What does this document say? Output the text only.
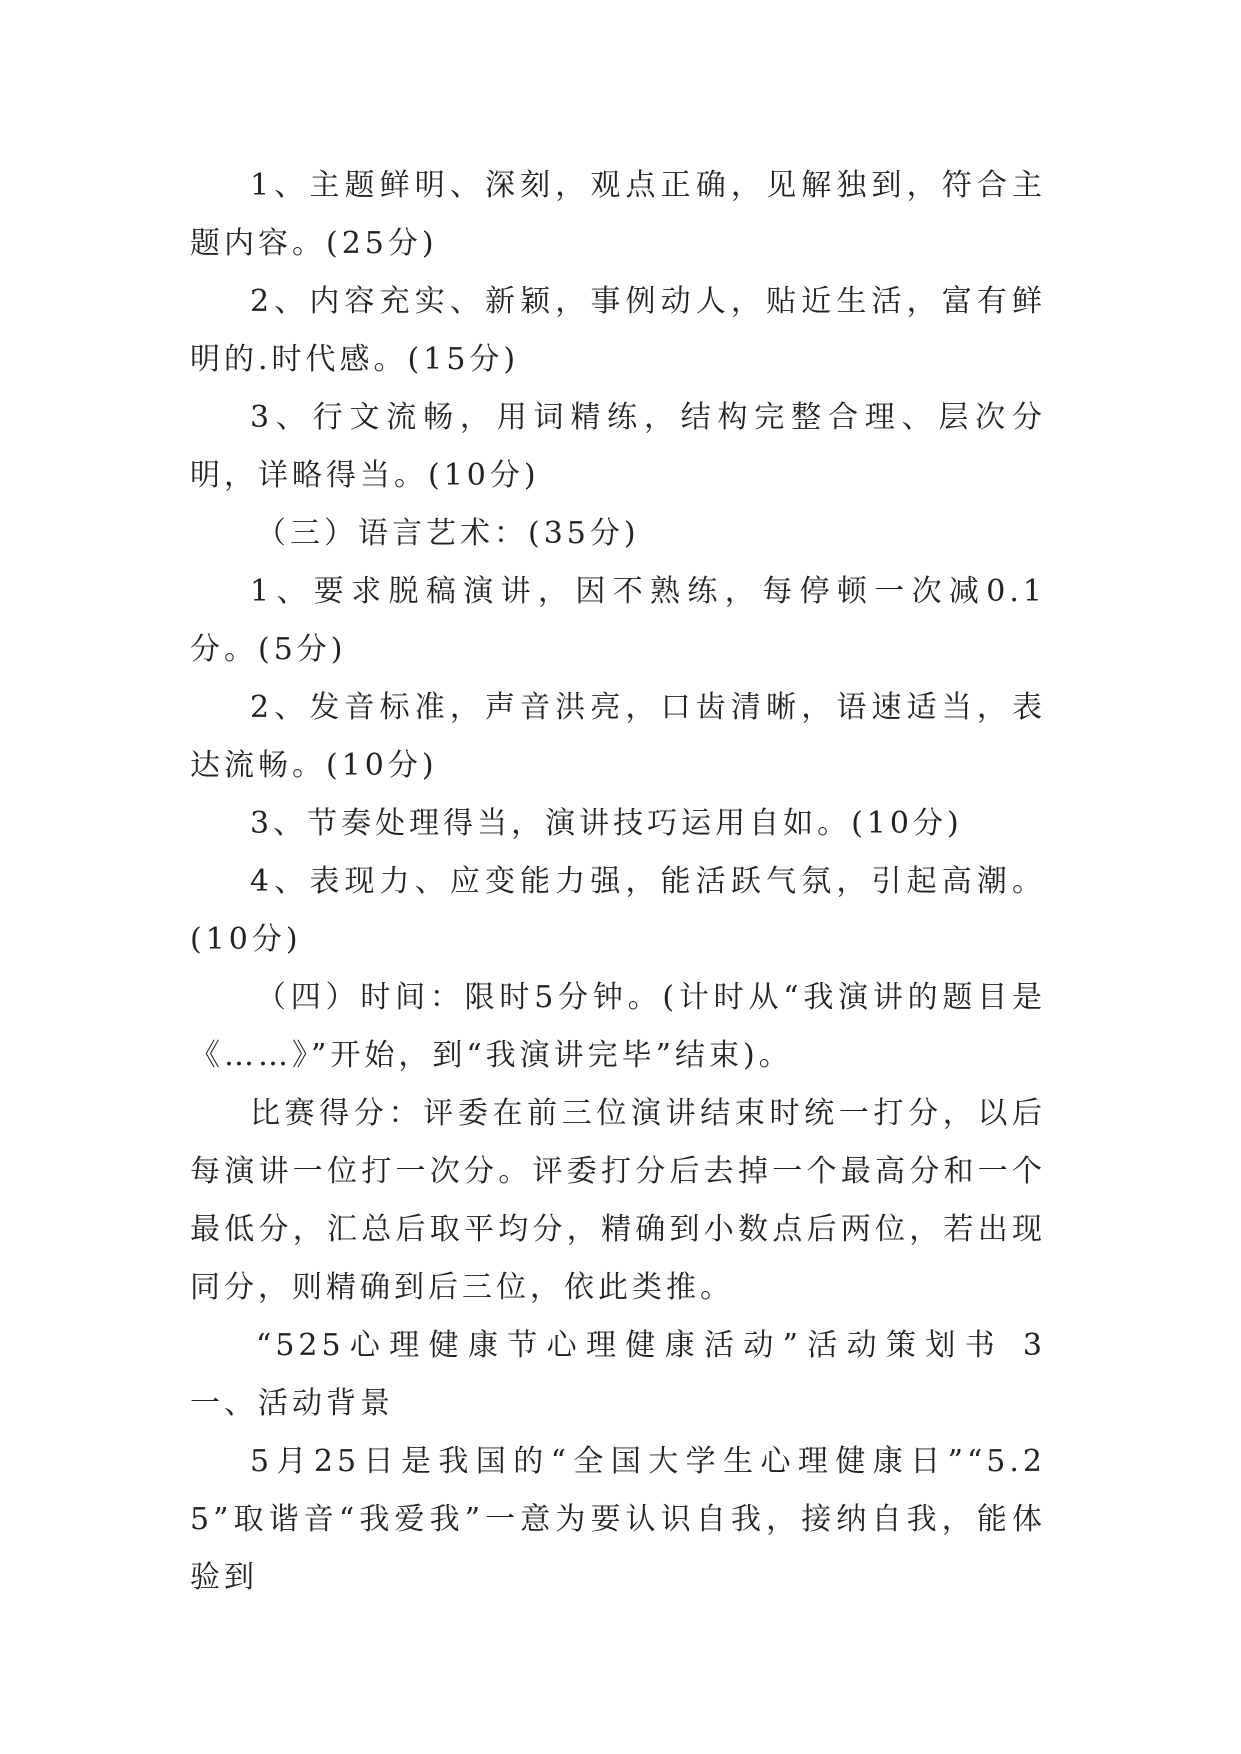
1、主题鲜明、深刻，观点正确，见解独到，符合主题内容。(25分)

2、内容充实、新颖，事例动人，贴近生活，富有鲜明的.时代感。(15分)

3、行文流畅，用词精练，结构完整合理、层次分明，详略得当。(10分)

（三）语言艺术：(35分)

1、要求脱稿演讲，因不熟练，每停顿一次减0.1分。(5分)

2、发音标准，声音洪亮，口齿清晰，语速适当，表达流畅。(10分)

3、节奏处理得当，演讲技巧运用自如。(10分)

4、表现力、应变能力强，能活跃气氛，引起高潮。(10分)

（四）时间：限时5分钟。(计时从“我演讲的题目是《……》”开始，到“我演讲完毕”结束)。

比赛得分：评委在前三位演讲结束时统一打分，以后每演讲一位打一次分。评委打分后去掉一个最高分和一个最低分，汇总后取平均分，精确到小数点后两位，若出现同分，则精确到后三位，依此类推。

“525心理健康节心理健康活动”活动策划书 3　　一、活动背景

5月25日是我国的“全国大学生心理健康日”“5.25”取谐音“我爱我”一意为要认识自我，接纳自我，能体验到
